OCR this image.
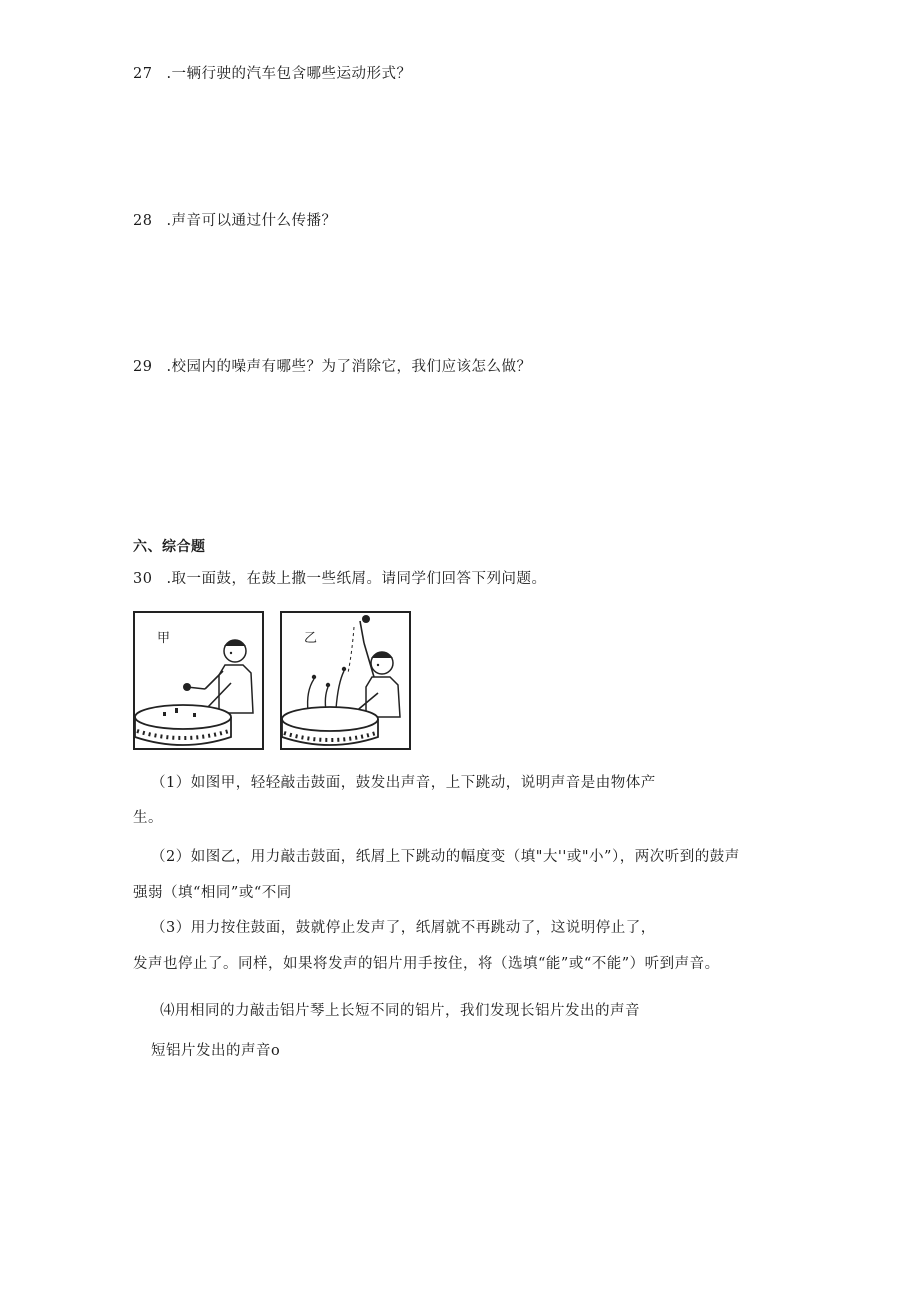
27 .一辆行驶的汽车包含哪些运动形式？
28 .声音可以通过什么传播？
29 .校园内的噪声有哪些？为了消除它，我们应该怎么做？
六、综合题
30 .取一面鼓，在鼓上撒一些纸屑。请同学们回答下列问题。
甲	乙
（1）如图甲，轻轻敲击鼓面，鼓发出声音，上下跳动，说明声音是由物体产
生。
（2）如图乙，用力敲击鼓面，纸屑上下跳动的幅度变（填"大''或"小”），两次听到的鼓声
强弱（填“相同”或“不同
（3）用力按住鼓面，鼓就停止发声了，纸屑就不再跳动了，这说明停止了，
发声也停止了。同样，如果将发声的铝片用手按住，将（选填“能”或“不能”）听到声音。
⑷用相同的力敲击铝片琴上长短不同的铝片，我们发现长铝片发出的声音
短铝片发出的声音o
